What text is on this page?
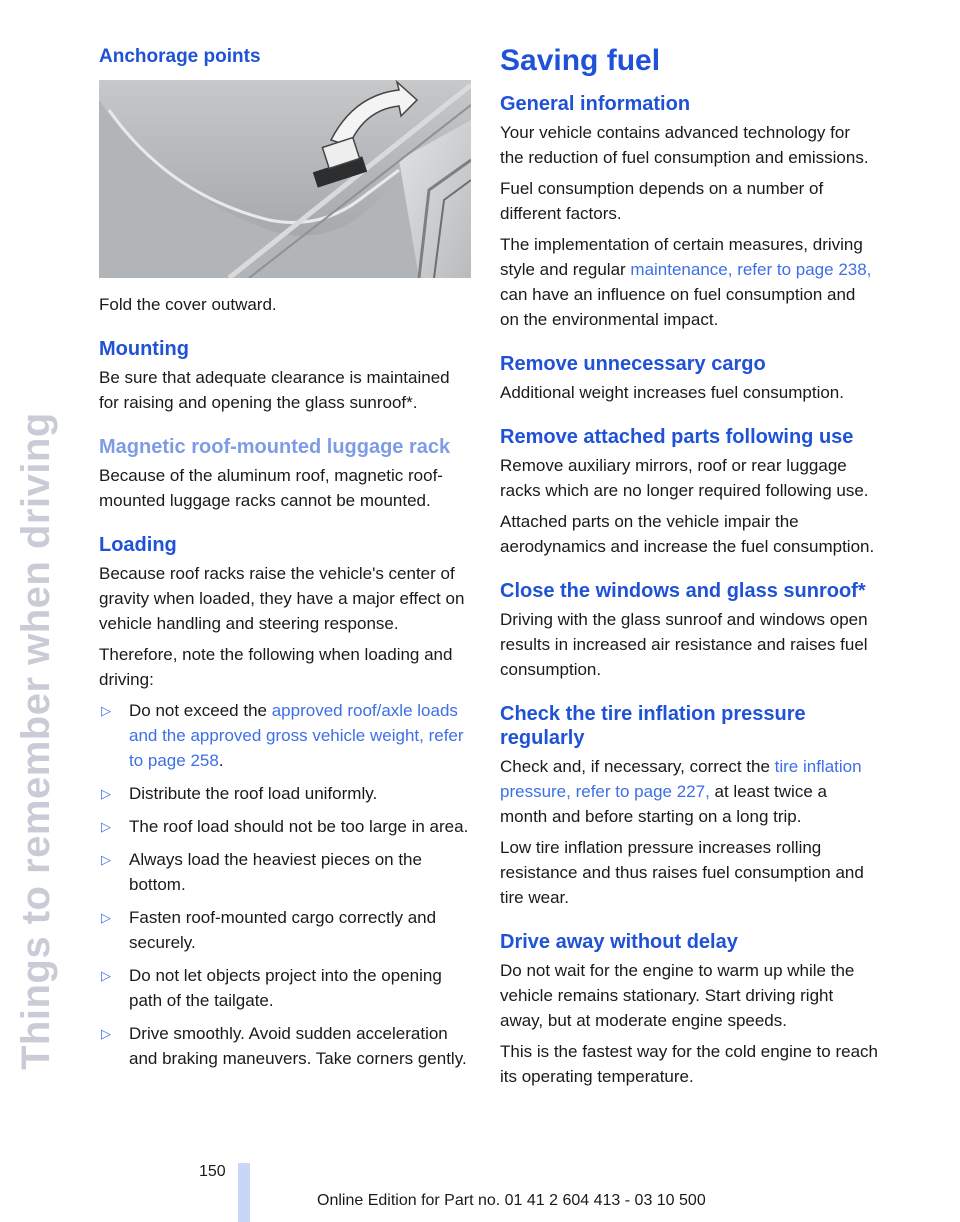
Things to remember when driving
Anchorage points

Fold the cover outward.

Mounting

Be sure that adequate clearance is maintained for raising and opening the glass sunroof*.

Magnetic roof-mounted luggage rack

Because of the aluminum roof, magnetic roof-mounted luggage racks cannot be mounted.

Loading

Because roof racks raise the vehicle's center of gravity when loaded, they have a major effect on vehicle handling and steering response.

Therefore, note the following when loading and driving:

▷ Do not exceed the approved roof/axle loads and the approved gross vehicle weight, refer to page 258.
▷ Distribute the roof load uniformly.
▷ The roof load should not be too large in area.
▷ Always load the heaviest pieces on the bottom.
▷ Fasten roof-mounted cargo correctly and securely.
▷ Do not let objects project into the opening path of the tailgate.
▷ Drive smoothly. Avoid sudden acceleration and braking maneuvers. Take corners gently.
Saving fuel
General information

Your vehicle contains advanced technology for the reduction of fuel consumption and emissions.

Fuel consumption depends on a number of different factors.

The implementation of certain measures, driving style and regular maintenance, refer to page 238, can have an influence on fuel consumption and on the environmental impact.

Remove unnecessary cargo

Additional weight increases fuel consumption.

Remove attached parts following use

Remove auxiliary mirrors, roof or rear luggage racks which are no longer required following use.

Attached parts on the vehicle impair the aerodynamics and increase the fuel consumption.

Close the windows and glass sunroof*

Driving with the glass sunroof and windows open results in increased air resistance and raises fuel consumption.

Check the tire inflation pressure regularly

Check and, if necessary, correct the tire inflation pressure, refer to page 227, at least twice a month and before starting on a long trip.

Low tire inflation pressure increases rolling resistance and thus raises fuel consumption and tire wear.

Drive away without delay

Do not wait for the engine to warm up while the vehicle remains stationary. Start driving right away, but at moderate engine speeds.

This is the fastest way for the cold engine to reach its operating temperature.

150
Online Edition for Part no. 01 41 2 604 413 - 03 10 500
